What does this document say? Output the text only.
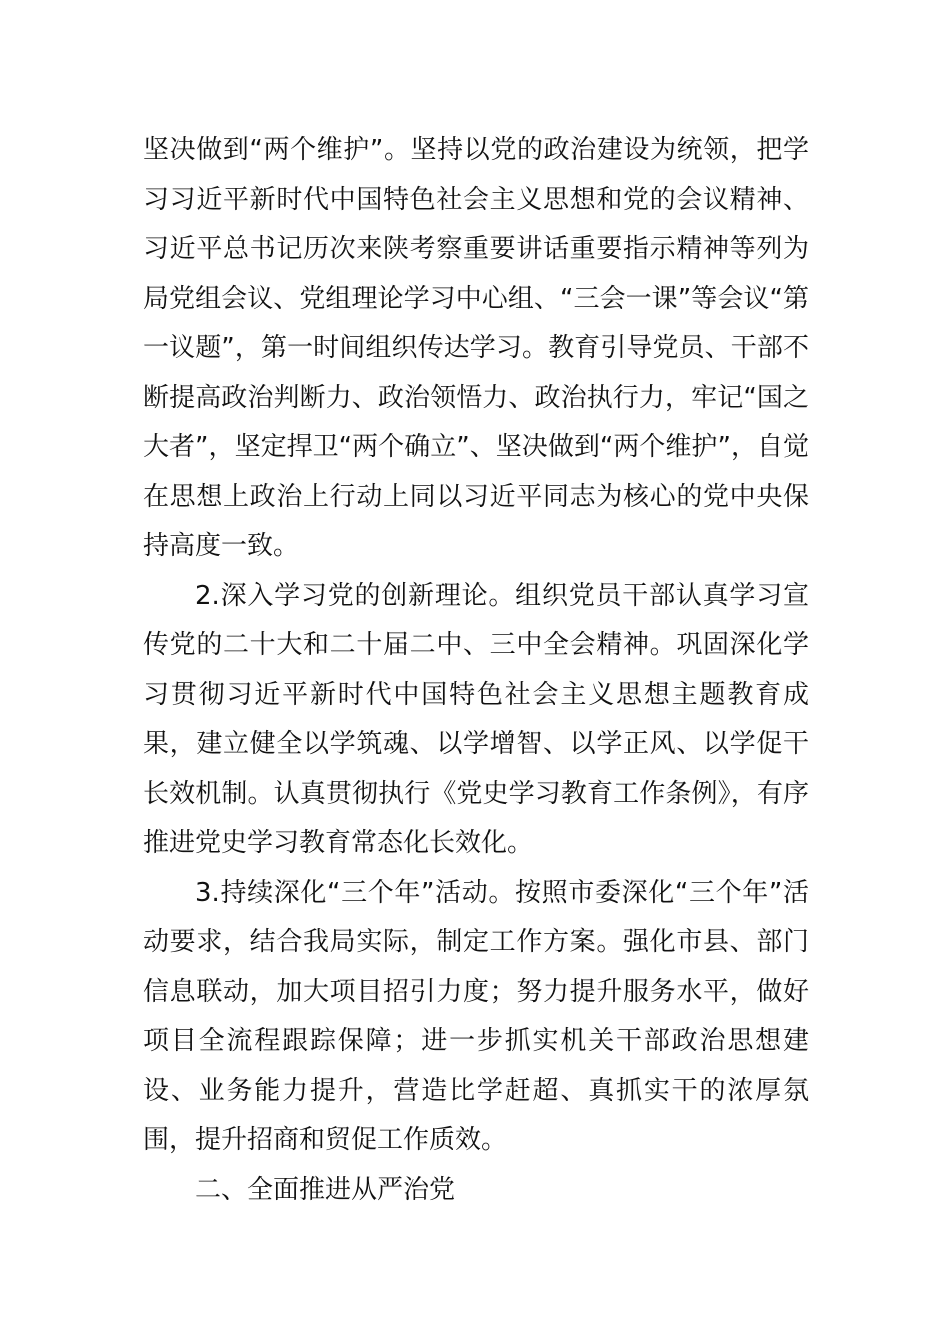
坚决做到“两个维护”。坚持以党的政治建设为统领，把学习习近平新时代中国特色社会主义思想和党的会议精神、习近平总书记历次来陕考察重要讲话重要指示精神等列为局党组会议、党组理论学习中心组、“三会一课”等会议“第一议题”，第一时间组织传达学习。教育引导党员、干部不断提高政治判断力、政治领悟力、政治执行力，牢记“国之大者”，坚定捍卫“两个确立”、坚决做到“两个维护”，自觉在思想上政治上行动上同以习近平同志为核心的党中央保持高度一致。

2.深入学习党的创新理论。组织党员干部认真学习宣传党的二十大和二十届二中、三中全会精神。巩固深化学习贯彻习近平新时代中国特色社会主义思想主题教育成果，建立健全以学筑魂、以学增智、以学正风、以学促干长效机制。认真贯彻执行《党史学习教育工作条例》，有序推进党史学习教育常态化长效化。

3.持续深化“三个年”活动。按照市委深化“三个年”活动要求，结合我局实际，制定工作方案。强化市县、部门信息联动，加大项目招引力度；努力提升服务水平，做好项目全流程跟踪保障；进一步抓实机关干部政治思想建设、业务能力提升，营造比学赶超、真抓实干的浓厚氛围，提升招商和贸促工作质效。

二、全面推进从严治党
